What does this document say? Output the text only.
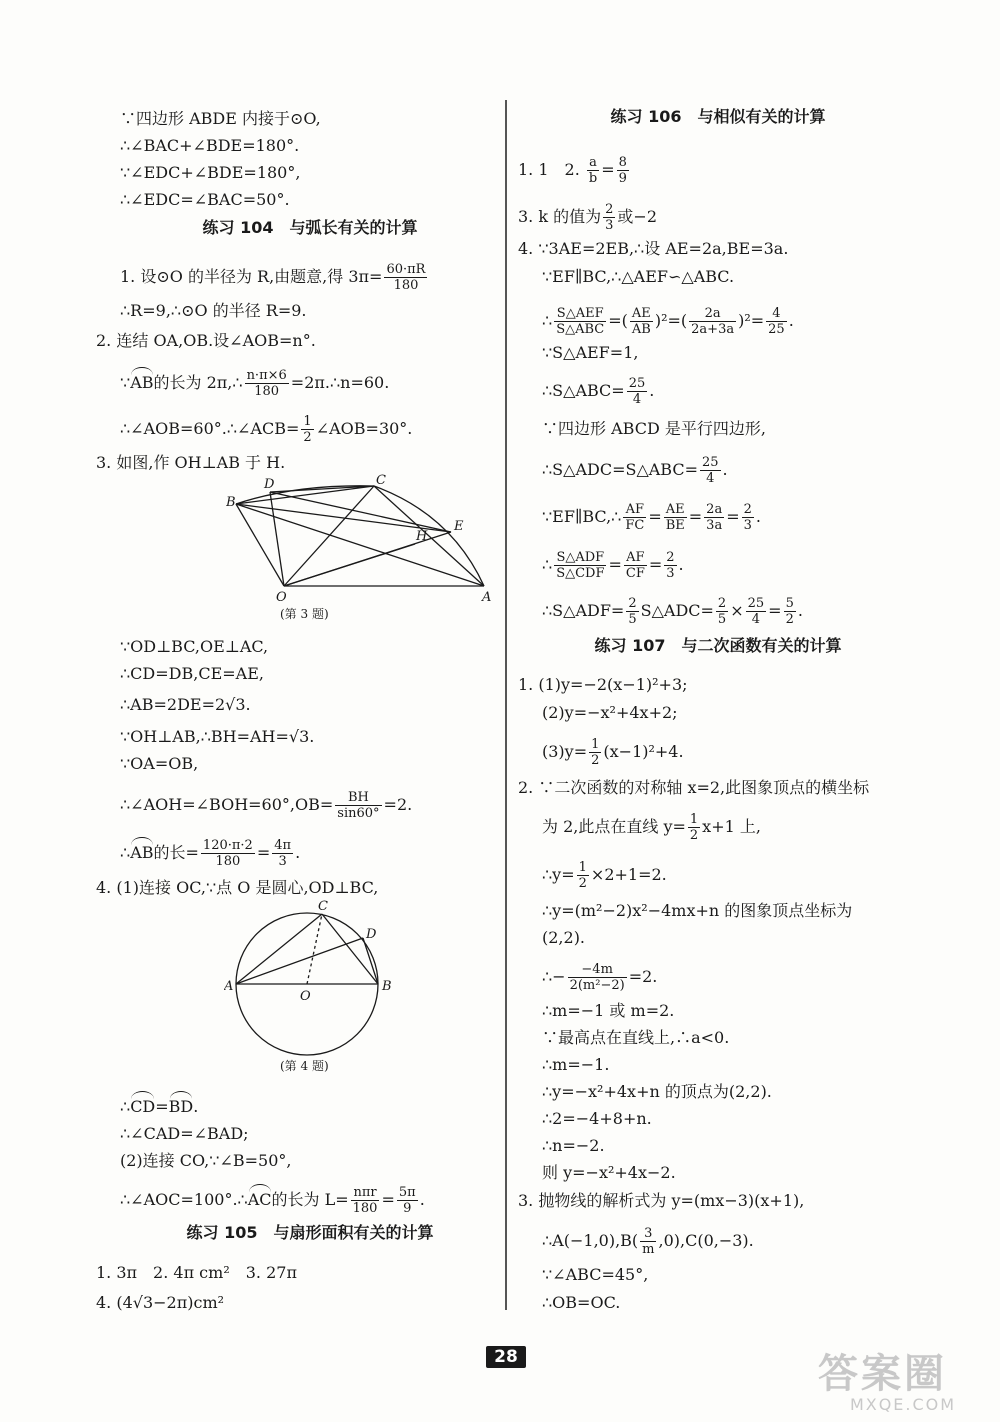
∵四边形 ABDE 内接于⊙O,
∴∠BAC+∠BDE=180°.
∵∠EDC+∠BDE=180°,
∴∠EDC=∠BAC=50°.
练习 104　与弧长有关的计算
1. 设⊙O 的半径为 R,由题意,得 $3\pi= \frac{60\cdot\pi R}{180}$
∴R=9,∴⊙O 的半径 R=9.
2. 连结 OA,OB.设∠AOB=n°.
∵AB的长为 2π,∴ $\frac{n\cdot\pi\times 6}{180}$ =2π.∴n=60.
∴∠AOB=60°.∴∠ACB= $\frac{1}{2}$ ∠AOB=30°.
3. 如图,作 OH⊥AB 于 H.
B
D	C
H
E
O	A
(第 3 题)
∵OD⊥BC,OE⊥AC,
∴CD=DB,CE=AE,
∴AB=2DE=2√3.
∵OH⊥AB,∴BH=AH=√3.
∵OA=OB,
∴∠AOH=∠BOH=60°,OB= $\frac{BH}{\sin 60^\circ} =2$.
∴AB的长= $\frac{120\cdot\pi\cdot 2}{180} = \frac{4\pi}{3}$ .
4. (1)连接 OC,∵点 O 是圆心,OD⊥BC,
C
D
A
O
B
(第 4 题)
∴CD=BD.
∴∠CAD=∠BAD;
(2)连接 CO,∵∠B=50°,
∴∠AOC=100°.∴AC的长为 $L= \frac{\text{nπr}}{180} = \frac{5\pi}{9}$ .
练习 105　与扇形面积有关的计算
1. 3π　2. 4π cm²　3. 27π
4. (4√3−2π)cm²
练习 106　与相似有关的计算
1. 1　2. $\frac{a}{b} = \frac{8}{9}$
3. k 的值为 $\frac{2}{3}$ 或−2
4. ∵3AE=2EB,∴设 AE=2a,BE=3a.
∵EF∥BC,∴△AEF∽△ABC.
∴ $\frac{\text{S△AEF}}{\text{S△ABC}}$ =( $\frac{AE}{AB} )^2=( \frac{2a}{2a+3a} )^2= \frac{4}{25}$ .
∵S△AEF=1,
∴S△ABC= $\frac{25}{4}$ .
∵四边形 ABCD 是平行四边形,
∴S△ADC=S△ABC= $\frac{25}{4}$ .
∵EF∥BC,∴ $\frac{AF}{FC} = \frac{AE}{BE} = \frac{2a}{3a} = \frac{2}{3}$ .
∴ $\frac{\text{S△ADF}}{\text{S△CDF}} = \frac{AF}{CF} = \frac{2}{3}$ .
∴S△ADF= $\frac{2}{5}$ S△ADC= $\frac{2}{5} \times \frac{25}{4} = \frac{5}{2}$ .
练习 107　与二次函数有关的计算
1. (1)y=−2(x−1)²+3;
(2)y=−x²+4x+2;
$(3)y= \frac{1}{2} (x-1)^2+4$.
2. ∵二次函数的对称轴 x=2,此图象顶点的横坐标
为 2,此点在直线 $y= \frac{1}{2} x+1$ 上,
∴y= $\frac{1}{2} \times 2+1=2$.
∴y=(m²−2)x²−4mx+n 的图象顶点坐标为
(2,2).
∴− $\frac{-4m}{\text{2(m²−2)}} =2$.
∴m=−1 或 m=2.
∵最高点在直线上,∴a<0.
∴m=−1.
∴y=−x²+4x+n 的顶点为(2,2).
∴2=−4+8+n.
∴n=−2.
则 y=−x²+4x−2.
3. 抛物线的解析式为 y=(mx−3)(x+1),
∴A(−1,0),B( $\frac{3}{m} ,0),C(0,-3)$.
∵∠ABC=45°,
∴OB=OC.
28	答案圈
MXQE.COM
